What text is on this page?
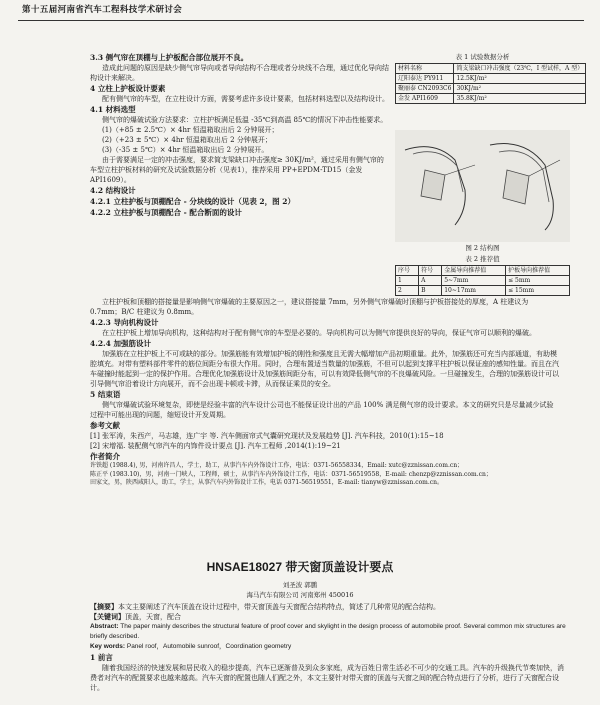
第十五届河南省汽车工程科技学术研讨会
3.3 侧气帘在顶棚与上护板配合部位展开不良。

造成此问题的原因是缺少侧气帘导向或者导向结构不合理或者分块线不合理，通过优化导向结构设计来解决。

4 立柱上护板设计要素

配有侧气帘的车型，在立柱设计方面，需要考虑许多设计要素，包括材料选型以及结构设计。

4.1 材料选型

侧气帘的爆破试验方法要求：立柱护板满足低温 -35℃到高温 85℃的情况下冲击性能要求。

(1)（+85 ± 2.5℃）× 4hr 恒温箱取出后 2 分钟展开；

(2)（+23 ± 5℃）× 4hr 恒温箱取出后 2 分钟展开；

(3)（-35 ± 5℃）× 4hr 恒温箱取出后 2 分钟展开。

由于需要满足一定的冲击强度，要求简支梁缺口冲击强度≥ 30KJ/m²，通过采用有侧气帘的车型立柱护板材料的研究及试验数据分析（见表1），推荐采用 PP+EPDM-TD15（金发 API1609）。

4.2 结构设计
4.2.1 立柱护板与顶棚配合 - 分块线的设计（见表 2，图 2）
4.2.2 立柱护板与顶棚配合 - 配合断面的设计
表 1 试验数据分析
材料名称	简支梁缺口冲击强度（23℃，I 型试样，A 型）
辽阳泰达 PY911	12.5KJ/m²
聚丽泰 CN2093C6	30KJ/m²
金发 API1609	35.8KJ/m²
图 2 结构图
表 2 推荐值
序号	符号	金属导向推荐值	护板导向推荐值
1	A	5~7mm	≤ 5mm
2	B	10~17mm	≤ 15mm

立柱护板和顶棚的搭接量是影响侧气帘爆破的主要原因之一，建议搭接量 7mm，另外侧气帘爆破时顶棚与护板搭接处的厚度，A 柱建议为 0.7mm；B/C 柱建议为 0.8mm。

4.2.3 导向机构设计

在立柱护板上增加导向机构，这种结构对于配有侧气帘的车型是必要的。导向机构可以为侧气帘提供良好的导向，保证气帘可以顺利的爆破。

4.2.4 加强筋设计

加强筋在立柱护板上不可或缺的部分。加强筋能有效增加护板的刚性和强度且无需大幅增加产品初期重量。此外，加强筋还可充当内部通道，有助模腔填充。对带有塑料部件零件的筋位间距分布很大作用。同时，合理布置适当数量的加强筋，不但可以起到支撑平柱护板以保证座的感知性量。而且在汽车碰撞时能起到一定的保护作用。合理优化加强筋设计及加强筋间距分布，可以有效降低侧气帘的不良爆破风险。一旦碰撞发生，合理的加强筋设计可以引导侧气帘沿着设计方向展开，而不会出现卡顿或卡滞，从而保证乘员的安全。

5 结束语

侧气帘爆破试验环境复杂，即使是经验丰富的汽车设计公司也不能保证设计出的产品 100% 满足侧气帘的设计要求。本文的研究只是尽量减少试验过程中可能出现的问题，缩短设计开发周期。

参考文献

[1] 张军涛，朱西产，马志雄，连广宇 等. 汽车侧面帘式气囊研究现状及发展趋势 [J]. 汽车科技，2010(1):15~18

[2] 宋增福. 装配侧气帘汽车的内饰件设计要点 [J]. 汽车工程师 ,2014(1):19~21

作者简介

许铁超 (1988.4), 男，河南许昌人，学士，助工，从事汽车内外饰设计工作，电话：0371-56558334，Email: xutc@zznissan.com.cn；

陈正平 (1983.10)，男，河南一门峡人，工程师，硕士，从事汽车内外饰设计工作，电话：0371-56519558，E-mail: chenzp@zznissan.com.cn；

田家文，男，陕西咸阳人，助工，学士，从事汽车内外饰设计工作，电话 0371-56519551，E-mail: tianyw@zznissan.com.cn。

HNSAE18027 带天窗顶盖设计要点
刘圣波 郭鹏
海马汽车有限公司 河南郑州 450016

【摘要】本文主要阐述了汽车顶盖在设计过程中，带天窗顶盖与天窗配合结构特点，简述了几种常见的配合结构。

【关键词】顶盖，天窗，配合

Abstract: The paper mainly describes the structural feature of proof cover and skylight in the design process of automobile proof. Several common mix structures are briefly described.

Key words: Panel roof，Automobile sunroof，Coordination geometry

1 前言

随着我国经济的快速发展和居民收入的稳步提高，汽车已逐渐普及到众多家庭，成为百姓日常生活必不可少的交通工具。汽车的升级换代节奏加快，消费者对汽车的配置要求也越来越高。汽车天窗的配置也随人们配之外，本文主要针对带天窗的顶盖与天窗之间的配合特点进行了分析，进行了天窗配合设计。
